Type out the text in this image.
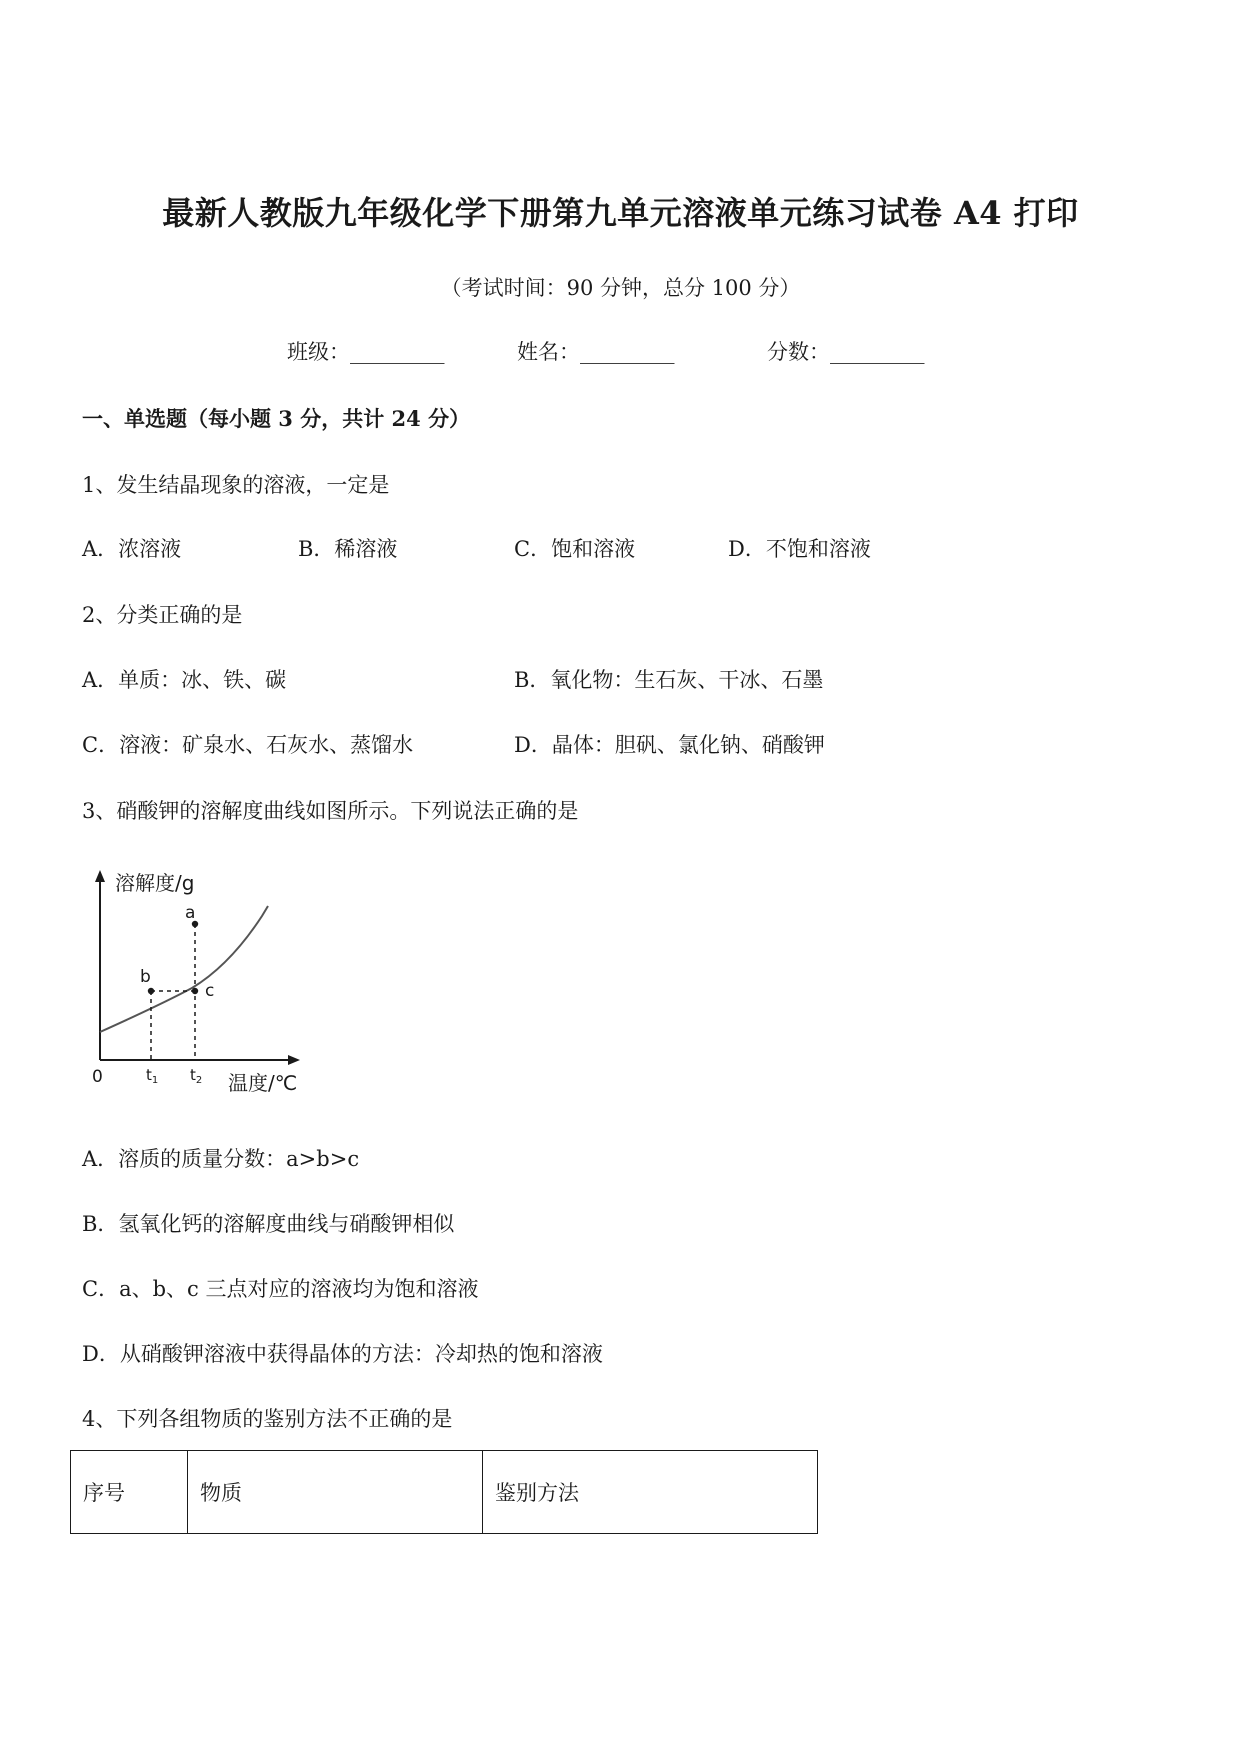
最新人教版九年级化学下册第九单元溶液单元练习试卷 A4 打印
（考试时间：90 分钟，总分 100 分）
班级：_________	姓名：_________	分数：_________
一、单选题（每小题 3 分，共计 24 分）
1、发生结晶现象的溶液，一定是
A．浓溶液	B．稀溶液	C．饱和溶液	D．不饱和溶液
2、分类正确的是
A．单质：冰、铁、碳	B．氧化物：生石灰、干冰、石墨
C．溶液：矿泉水、石灰水、蒸馏水	D．晶体：胆矾、氯化钠、硝酸钾
3、硝酸钾的溶解度曲线如图所示。下列说法正确的是
溶解度/g
温度/℃
0
a
b
c
$t_1$ $t_2$
A．溶质的质量分数：a>b>c
B．氢氧化钙的溶解度曲线与硝酸钾相似
C．a、b、c 三点对应的溶液均为饱和溶液
D．从硝酸钾溶液中获得晶体的方法：冷却热的饱和溶液
4、下列各组物质的鉴别方法不正确的是
序号	物质	鉴别方法
